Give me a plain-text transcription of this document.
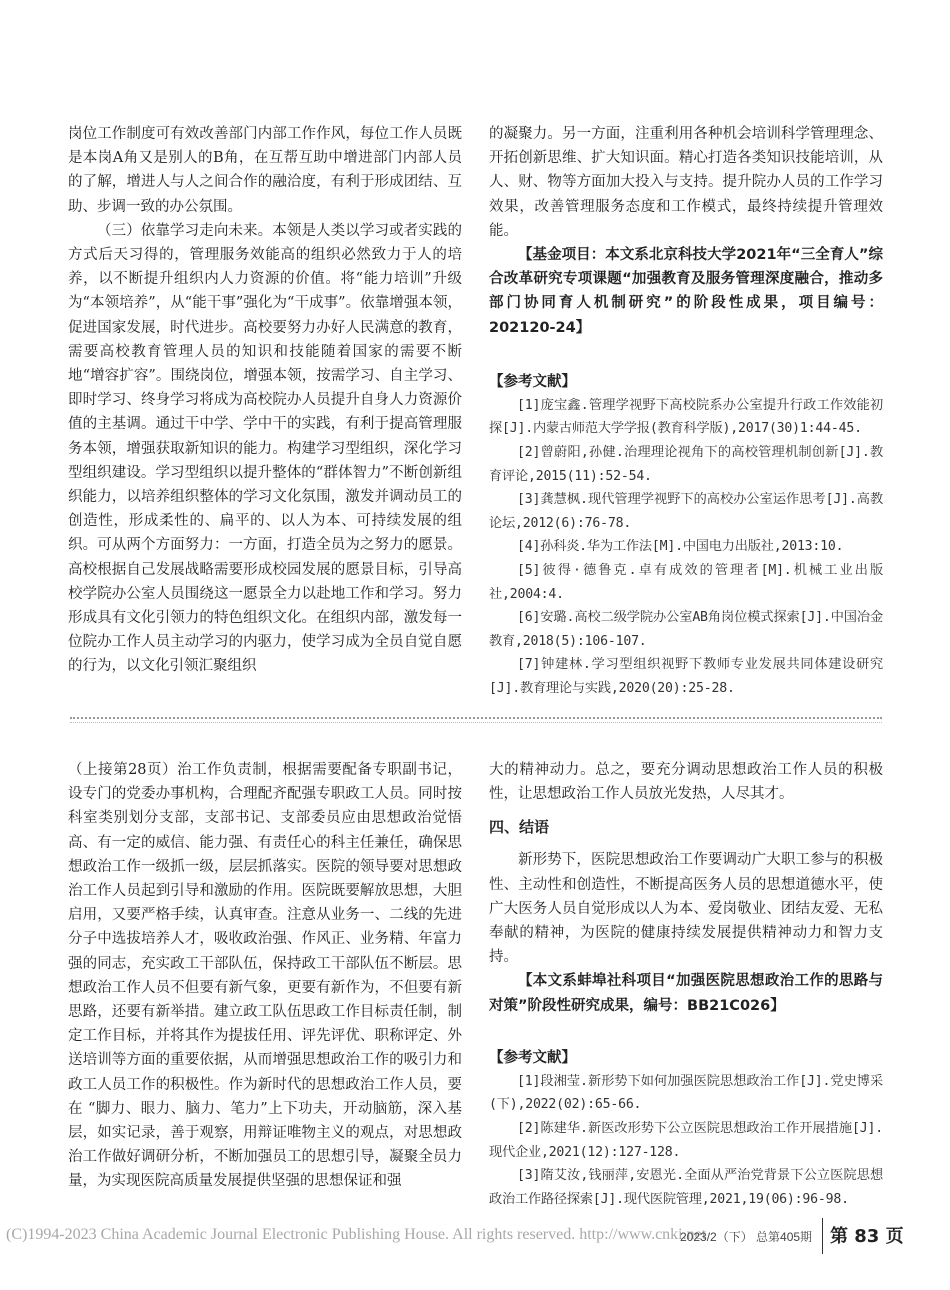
岗位工作制度可有效改善部门内部工作作风，每位工作人员既是本岗A角又是别人的B角，在互帮互助中增进部门内部人员的了解，增进人与人之间合作的融洽度，有利于形成团结、互助、步调一致的办公氛围。

（三）依靠学习走向未来。本领是人类以学习或者实践的方式后天习得的，管理服务效能高的组织必然致力于人的培养，以不断提升组织内人力资源的价值。将“能力培训”升级为“本领培养”，从“能干事”强化为“干成事”。依靠增强本领，促进国家发展，时代进步。高校要努力办好人民满意的教育，需要高校教育管理人员的知识和技能随着国家的需要不断地“增容扩容”。围绕岗位，增强本领，按需学习、自主学习、即时学习、终身学习将成为高校院办人员提升自身人力资源价值的主基调。通过干中学、学中干的实践，有利于提高管理服务本领，增强获取新知识的能力。构建学习型组织，深化学习型组织建设。学习型组织以提升整体的“群体智力”不断创新组织能力，以培养组织整体的学习文化氛围，激发并调动员工的创造性，形成柔性的、扁平的、以人为本、可持续发展的组织。可从两个方面努力：一方面，打造全员为之努力的愿景。高校根据自己发展战略需要形成校园发展的愿景目标，引导高校学院办公室人员围绕这一愿景全力以赴地工作和学习。努力形成具有文化引领力的特色组织文化。在组织内部，激发每一位院办工作人员主动学习的内驱力，使学习成为全员自觉自愿的行为，以文化引领汇聚组织

的凝聚力。另一方面，注重利用各种机会培训科学管理理念、开拓创新思维、扩大知识面。精心打造各类知识技能培训，从人、财、物等方面加大投入与支持。提升院办人员的工作学习效果，改善管理服务态度和工作模式，最终持续提升管理效能。

【基金项目：本文系北京科技大学2021年“三全育人”综合改革研究专项课题“加强教育及服务管理深度融合，推动多部门协同育人机制研究”的阶段性成果，项目编号：202120-24】

【参考文献】

[1]庞宝鑫.管理学视野下高校院系办公室提升行政工作效能初探[J].内蒙古师范大学学报(教育科学版),2017(30)1:44-45.
[2]曾蔚阳,孙健.治理理论视角下的高校管理机制创新[J].教育评论,2015(11):52-54.
[3]龚慧枫.现代管理学视野下的高校办公室运作思考[J].高教论坛,2012(6):76-78.
[4]孙科炎.华为工作法[M].中国电力出版社,2013:10.
[5]彼得·德鲁克.卓有成效的管理者[M].机械工业出版社,2004:4.
[6]安璐.高校二级学院办公室AB角岗位模式探索[J].中国冶金教育,2018(5):106-107.
[7]钟建林.学习型组织视野下教师专业发展共同体建设研究[J].教育理论与实践,2020(20):25-28.

（上接第28页）治工作负责制，根据需要配备专职副书记，设专门的党委办事机构，合理配齐配强专职政工人员。同时按科室类别划分支部，支部书记、支部委员应由思想政治觉悟高、有一定的威信、能力强、有责任心的科主任兼任，确保思想政治工作一级抓一级，层层抓落实。医院的领导要对思想政治工作人员起到引导和激励的作用。医院既要解放思想，大胆启用，又要严格手续，认真审查。注意从业务一、二线的先进分子中选拔培养人才，吸收政治强、作风正、业务精、年富力强的同志，充实政工干部队伍，保持政工干部队伍不断层。思想政治工作人员不但要有新气象，更要有新作为，不但要有新思路，还要有新举措。建立政工队伍思政工作目标责任制，制定工作目标，并将其作为提拔任用、评先评优、职称评定、外送培训等方面的重要依据，从而增强思想政治工作的吸引力和政工人员工作的积极性。作为新时代的思想政治工作人员，要在 “脚力、眼力、脑力、笔力”上下功夫，开动脑筋，深入基层，如实记录，善于观察，用辩证唯物主义的观点，对思想政治工作做好调研分析，不断加强员工的思想引导，凝聚全员力量，为实现医院高质量发展提供坚强的思想保证和强

大的精神动力。总之，要充分调动思想政治工作人员的积极性，让思想政治工作人员放光发热，人尽其才。

四、结语

新形势下，医院思想政治工作要调动广大职工参与的积极性、主动性和创造性，不断提高医务人员的思想道德水平，使广大医务人员自觉形成以人为本、爱岗敬业、团结友爱、无私奉献的精神，为医院的健康持续发展提供精神动力和智力支持。

【本文系蚌埠社科项目“加强医院思想政治工作的思路与对策”阶段性研究成果，编号：BB21C026】

【参考文献】

[1]段湘莹.新形势下如何加强医院思想政治工作[J].党史博采(下),2022(02):65-66.
[2]陈建华.新医改形势下公立医院思想政治工作开展措施[J].现代企业,2021(12):127-128.
[3]隋艾汝,钱丽萍,安恩光.全面从严治党背景下公立医院思想政治工作路径探索[J].现代医院管理,2021,19(06):96-98.
(C)1994-2023 China Academic Journal Electronic Publishing House. All rights reserved. http://www.cnki.net
2023/2（下） 总第405期 第 83 页
